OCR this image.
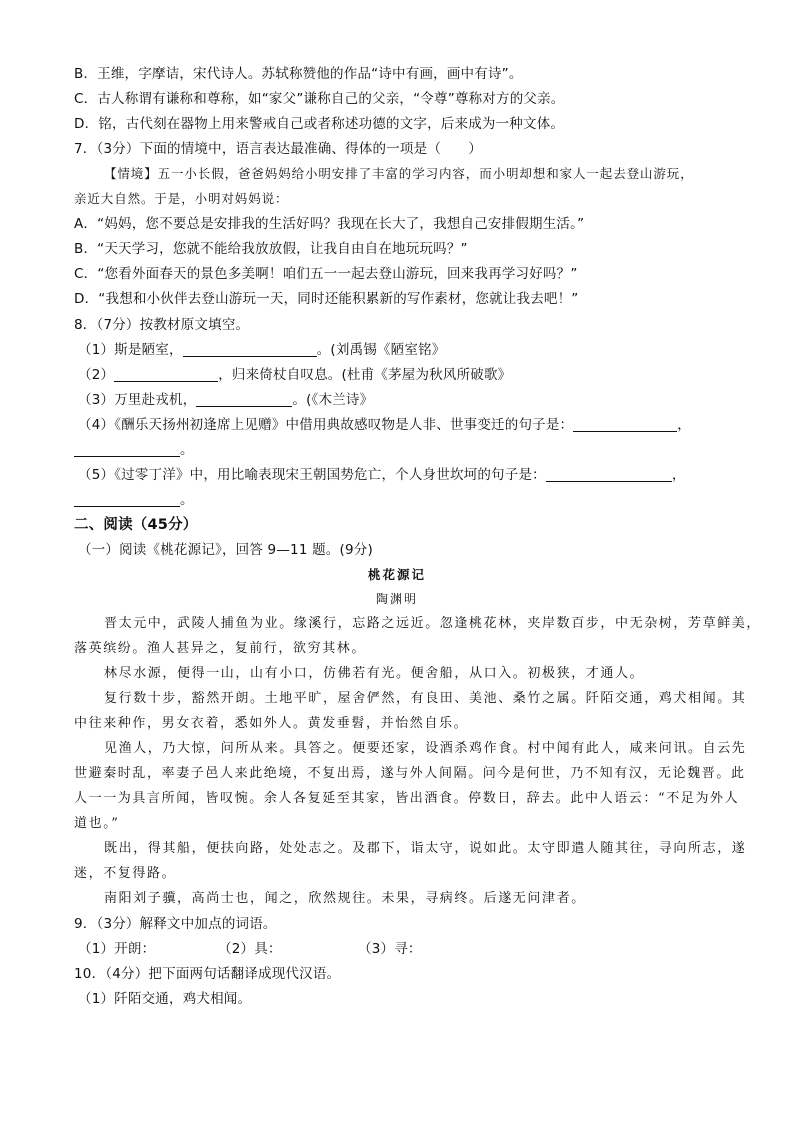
B．王维，字摩诘，宋代诗人。苏轼称赞他的作品“诗中有画，画中有诗”。
C．古人称谓有谦称和尊称，如“家父”谦称自己的父亲，“令尊”尊称对方的父亲。
D．铭，古代刻在器物上用来警戒自己或者称述功德的文字，后来成为一种文体。
7．（3分）下面的情境中，语言表达最准确、得体的一项是（　　）
【情境】五一小长假，爸爸妈妈给小明安排了丰富的学习内容，而小明却想和家人一起去登山游玩，
亲近大自然。于是，小明对妈妈说：
A．“妈妈，您不要总是安排我的生活好吗？我现在长大了，我想自己安排假期生活。”
B．“天天学习，您就不能给我放放假，让我自由自在地玩玩吗？”
C．“您看外面春天的景色多美啊！咱们五一一起去登山游玩，回来我再学习好吗？”
D．“我想和小伙伴去登山游玩一天，同时还能积累新的写作素材，您就让我去吧！”
8．（7分）按教材原文填空。
（1）斯是陋室，	。(刘禹锡《陋室铭》
（2）	，归来倚杖自叹息。(杜甫《茅屋为秋风所破歌》
（3）万里赴戎机，	。(《木兰诗》
（4）《酬乐天扬州初逢席上见赠》中借用典故感叹物是人非、世事变迁的句子是：	，
。
（5）《过零丁洋》中，用比喻表现宋王朝国势危亡，个人身世坎坷的句子是：	，
。
二、阅读（45分）
（一）阅读《桃花源记》，回答 9—11 题。(9分)
桃花源记
陶渊明
晋太元中，武陵人捕鱼为业。缘溪行，忘路之远近。忽逢桃花林，夹岸数百步，中无杂树，芳草鲜美，
落英缤纷。渔人甚异之，复前行，欲穷其林。
林尽水源，便得一山，山有小口，仿佛若有光。便舍船，从口入。初极狭，才通人。
复行数十步，豁然开朗。土地平旷，屋舍俨然，有良田、美池、桑竹之属。阡陌交通，鸡犬相闻。其
中往来种作，男女衣着，悉如外人。黄发垂髫，并怡然自乐。
见渔人，乃大惊，问所从来。具答之。便要还家，设酒杀鸡作食。村中闻有此人，咸来问讯。自云先
世避秦时乱，率妻子邑人来此绝境，不复出焉，遂与外人间隔。问今是何世，乃不知有汉，无论魏晋。此
人一一为具言所闻，皆叹惋。余人各复延至其家，皆出酒食。停数日，辞去。此中人语云：“不足为外人
道也。”
既出，得其船，便扶向路，处处志之。及郡下，诣太守，说如此。太守即遣人随其往，寻向所志，遂
迷，不复得路。
南阳刘子骥，高尚士也，闻之，欣然规往。未果，寻病终。后遂无问津者。
9．（3分）解释文中加点的词语。
（1）开朗：	（2）具：	（3）寻：
10．（4分）把下面两句话翻译成现代汉语。
（1）阡陌交通，鸡犬相闻。
